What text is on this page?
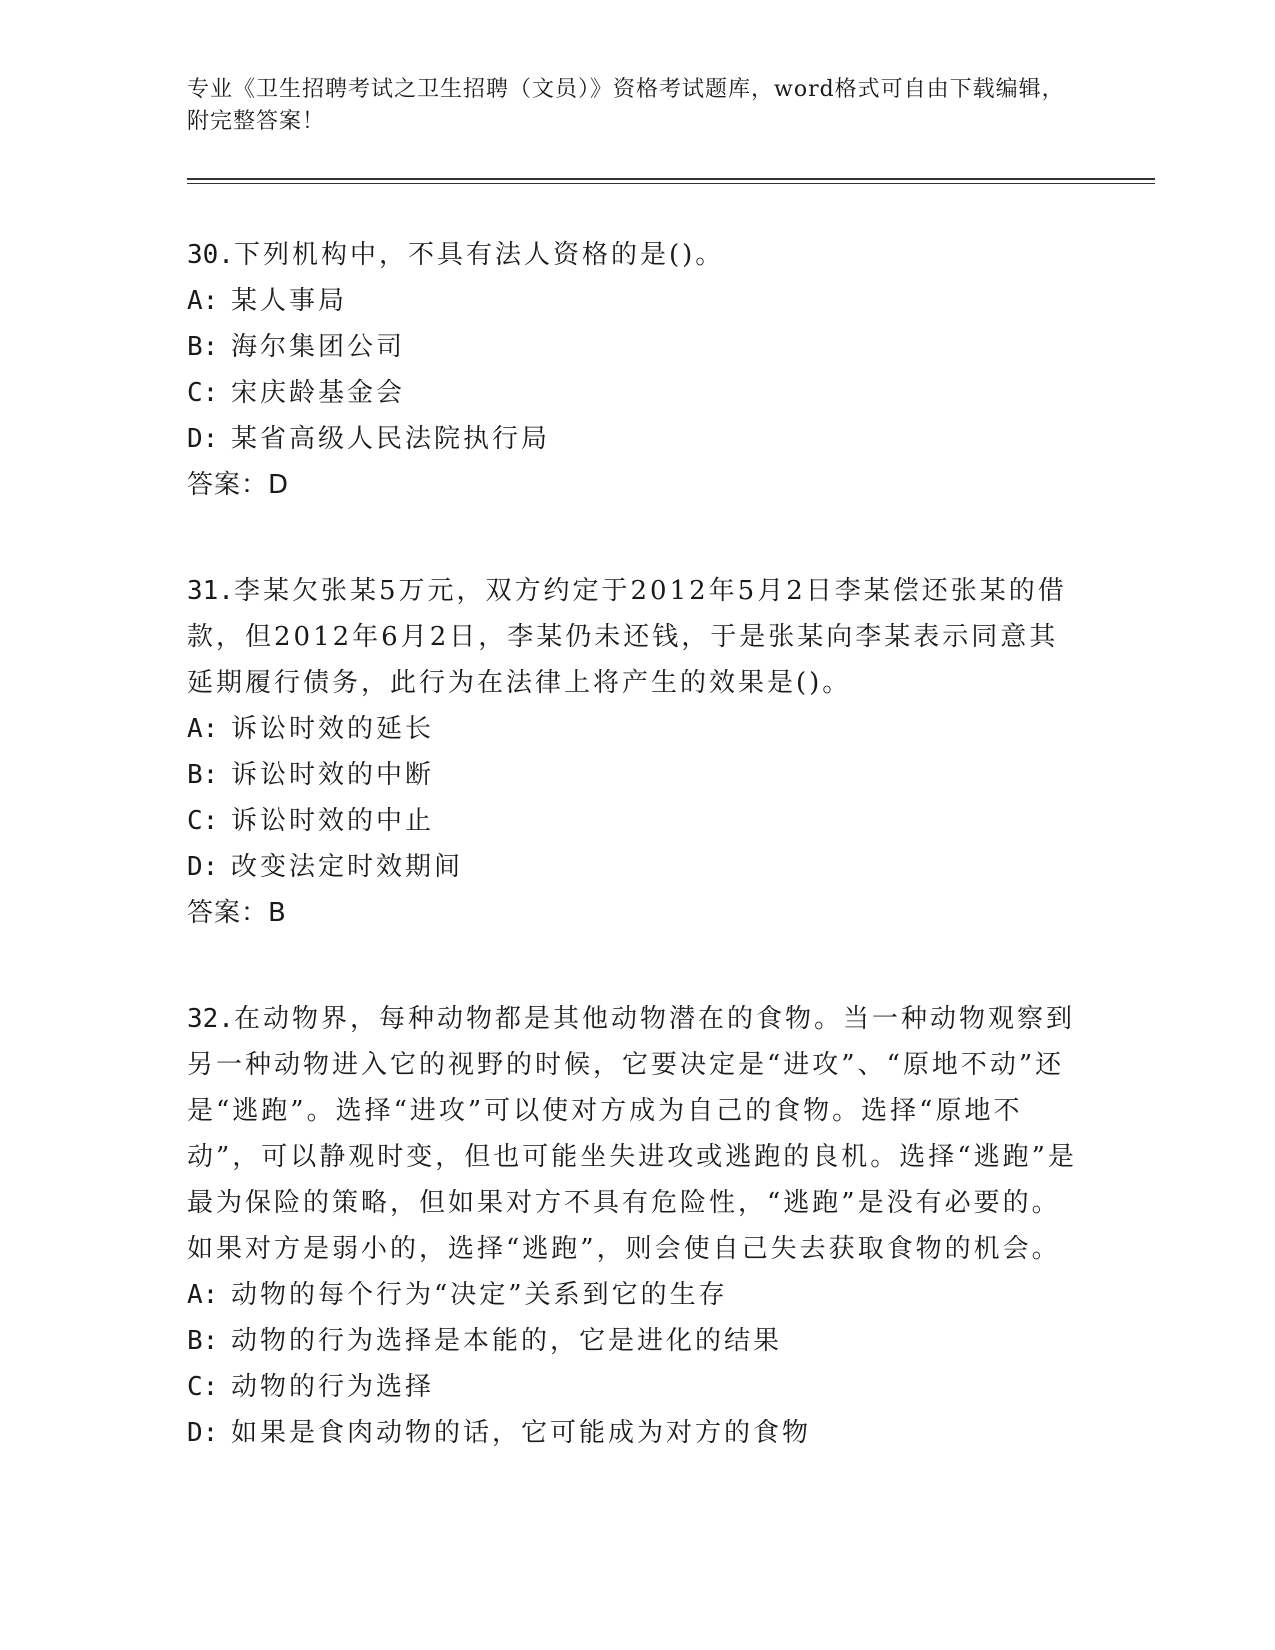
专业《卫生招聘考试之卫生招聘（文员）》资格考试题库，word格式可自由下载编辑，附完整答案！

30.下列机构中，不具有法人资格的是()。

A: 某人事局

B: 海尔集团公司

C: 宋庆龄基金会

D: 某省高级人民法院执行局

答案：D

31.李某欠张某5万元，双方约定于2012年5月2日李某偿还张某的借款，但2012年6月2日，李某仍未还钱，于是张某向李某表示同意其延期履行债务，此行为在法律上将产生的效果是()。

A: 诉讼时效的延长

B: 诉讼时效的中断

C: 诉讼时效的中止

D: 改变法定时效期间

答案：B

32.在动物界，每种动物都是其他动物潜在的食物。当一种动物观察到另一种动物进入它的视野的时候，它要决定是“进攻”、“原地不动”还是“逃跑”。选择“进攻”可以使对方成为自己的食物。选择“原地不动”，可以静观时变，但也可能坐失进攻或逃跑的良机。选择“逃跑”是最为保险的策略，但如果对方不具有危险性，“逃跑”是没有必要的。如果对方是弱小的，选择“逃跑”，则会使自己失去获取食物的机会。

A: 动物的每个行为“决定”关系到它的生存

B: 动物的行为选择是本能的，它是进化的结果

C: 动物的行为选择

D: 如果是食肉动物的话，它可能成为对方的食物
